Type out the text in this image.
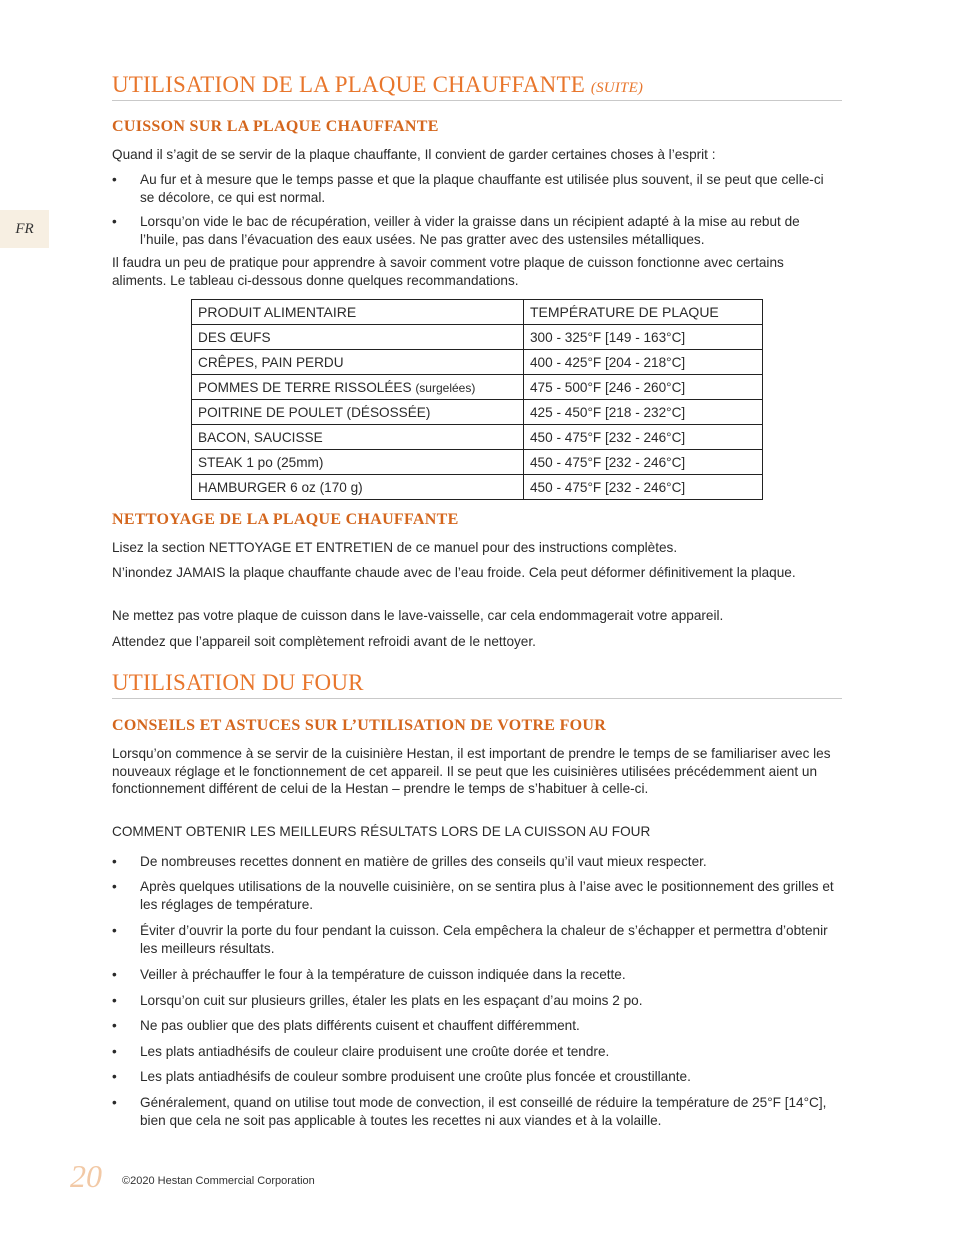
FR
UTILISATION DE LA PLAQUE CHAUFFANTE (SUITE)
CUISSON SUR LA PLAQUE CHAUFFANTE

Quand il s’agit de se servir de la plaque chauffante, Il convient de garder certaines choses à l’esprit :

• Au fur et à mesure que le temps passe et que la plaque chauffante est utilisée plus souvent, il se peut que celle-ci se décolore, ce qui est normal.
• Lorsqu’on vide le bac de récupération, veiller à vider la graisse dans un récipient adapté à la mise au rebut de l’huile, pas dans l’évacuation des eaux usées. Ne pas gratter avec des ustensiles métalliques.

Il faudra un peu de pratique pour apprendre à savoir comment votre plaque de cuisson fonctionne avec certains aliments. Le tableau ci-dessous donne quelques recommandations.

PRODUIT ALIMENTAIRE	TEMPÉRATURE DE PLAQUE
DES ŒUFS	300 - 325°F [149 - 163°C]
CRÊPES, PAIN PERDU	400 - 425°F [204 - 218°C]
POMMES DE TERRE RISSOLÉES (surgelées)	475 - 500°F [246 - 260°C]
POITRINE DE POULET (DÉSOSSÉE)	425 - 450°F [218 - 232°C]
BACON, SAUCISSE	450 - 475°F [232 - 246°C]
STEAK 1 po (25mm)	450 - 475°F [232 - 246°C]
HAMBURGER 6 oz (170 g)	450 - 475°F [232 - 246°C]
NETTOYAGE DE LA PLAQUE CHAUFFANTE

Lisez la section NETTOYAGE ET ENTRETIEN de ce manuel pour des instructions complètes.

N’inondez JAMAIS la plaque chauffante chaude avec de l’eau froide. Cela peut déformer définitivement la plaque.

Ne mettez pas votre plaque de cuisson dans le lave-vaisselle, car cela endommagerait votre appareil.

Attendez que l’appareil soit complètement refroidi avant de le nettoyer.

UTILISATION DU FOUR
CONSEILS ET ASTUCES SUR L’UTILISATION DE VOTRE FOUR

Lorsqu’on commence à se servir de la cuisinière Hestan, il est important de prendre le temps de se familiariser avec les nouveaux réglage et le fonctionnement de cet appareil. Il se peut que les cuisinières utilisées précédemment aient un fonctionnement différent de celui de la Hestan – prendre le temps de s’habituer à celle-ci.

COMMENT OBTENIR LES MEILLEURS RÉSULTATS LORS DE LA CUISSON AU FOUR

• De nombreuses recettes donnent en matière de grilles des conseils qu’il vaut mieux respecter.
• Après quelques utilisations de la nouvelle cuisinière, on se sentira plus à l’aise avec le positionnement des grilles et les réglages de température.
• Éviter d’ouvrir la porte du four pendant la cuisson. Cela empêchera la chaleur de s’échapper et permettra d’obtenir les meilleurs résultats.
• Veiller à préchauffer le four à la température de cuisson indiquée dans la recette.
• Lorsqu’on cuit sur plusieurs grilles, étaler les plats en les espaçant d’au moins 2 po.
• Ne pas oublier que des plats différents cuisent et chauffent différemment.
• Les plats antiadhésifs de couleur claire produisent une croûte dorée et tendre.
• Les plats antiadhésifs de couleur sombre produisent une croûte plus foncée et croustillante.
• Généralement, quand on utilise tout mode de convection, il est conseillé de réduire la température de 25°F [14°C], bien que cela ne soit pas applicable à toutes les recettes ni aux viandes et à la volaille.
20 ©2020 Hestan Commercial Corporation
